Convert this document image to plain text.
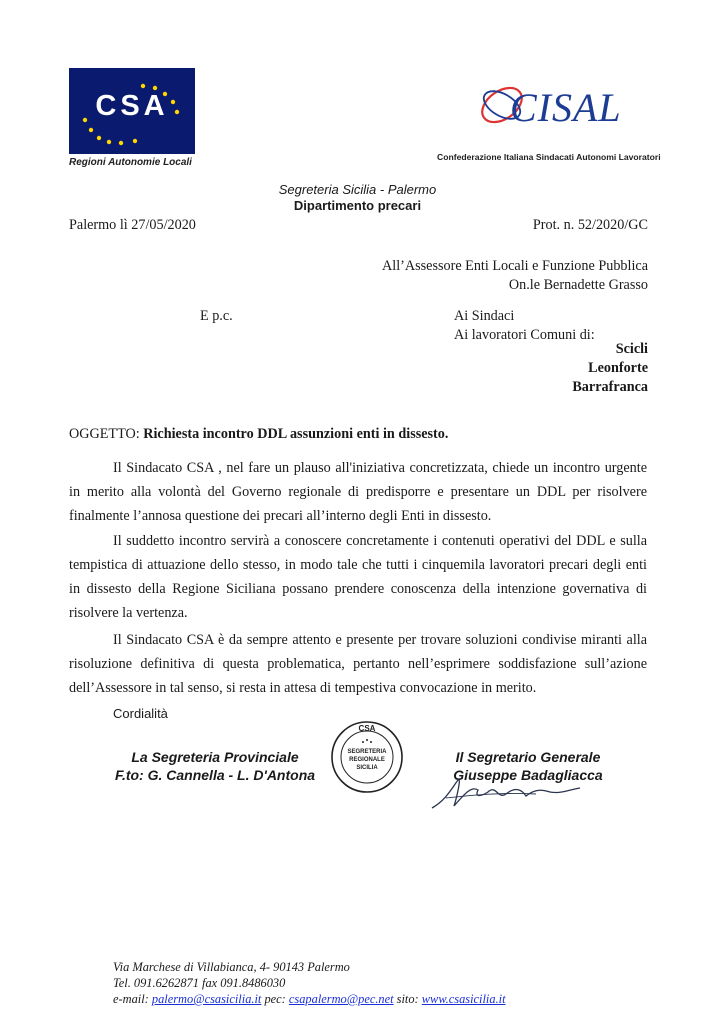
CSA
Regioni Autonomie Locali
CISAL
Confederazione Italiana Sindacati Autonomi Lavoratori
Segreteria Sicilia - Palermo
Dipartimento precari
Palermo lì 27/05/2020	Prot. n. 52/2020/GC
All’Assessore Enti Locali e Funzione Pubblica
On.le Bernadette Grasso
E p.c.	Ai Sindaci
Ai lavoratori Comuni di:
Scicli
Leonforte
Barrafranca
OGGETTO: Richiesta incontro DDL assunzioni enti in dissesto.
Il Sindacato CSA , nel fare un plauso all'iniziativa concretizzata, chiede un incontro urgente in merito alla volontà del Governo regionale di predisporre e presentare un DDL per risolvere finalmente l’annosa questione dei precari all’interno degli Enti in dissesto.
Il suddetto incontro servirà a conoscere concretamente i contenuti operativi del DDL e sulla tempistica di attuazione dello stesso, in modo tale che tutti i cinquemila lavoratori precari degli enti in dissesto della Regione Siciliana possano prendere conoscenza della intenzione governativa di risolvere la vertenza.
Il Sindacato CSA è da sempre attento e presente per trovare soluzioni condivise miranti alla risoluzione definitiva di questa problematica, pertanto nell’esprimere soddisfazione sull’azione dell’Assessore in tal senso, si resta in attesa di tempestiva convocazione in merito.
Cordialità
La Segreteria Provinciale
F.to: G. Cannella - L. D'Antona
CSA
SEGRETERIA
REGIONALE
SICILIA
Il Segretario Generale
Giuseppe Badagliacca
Via Marchese di Villabianca, 4- 90143 Palermo
Tel. 091.6262871 fax 091.8486030
e-mail: palermo@csasicilia.it pec: csapalermo@pec.net sito: www.csasicilia.it
